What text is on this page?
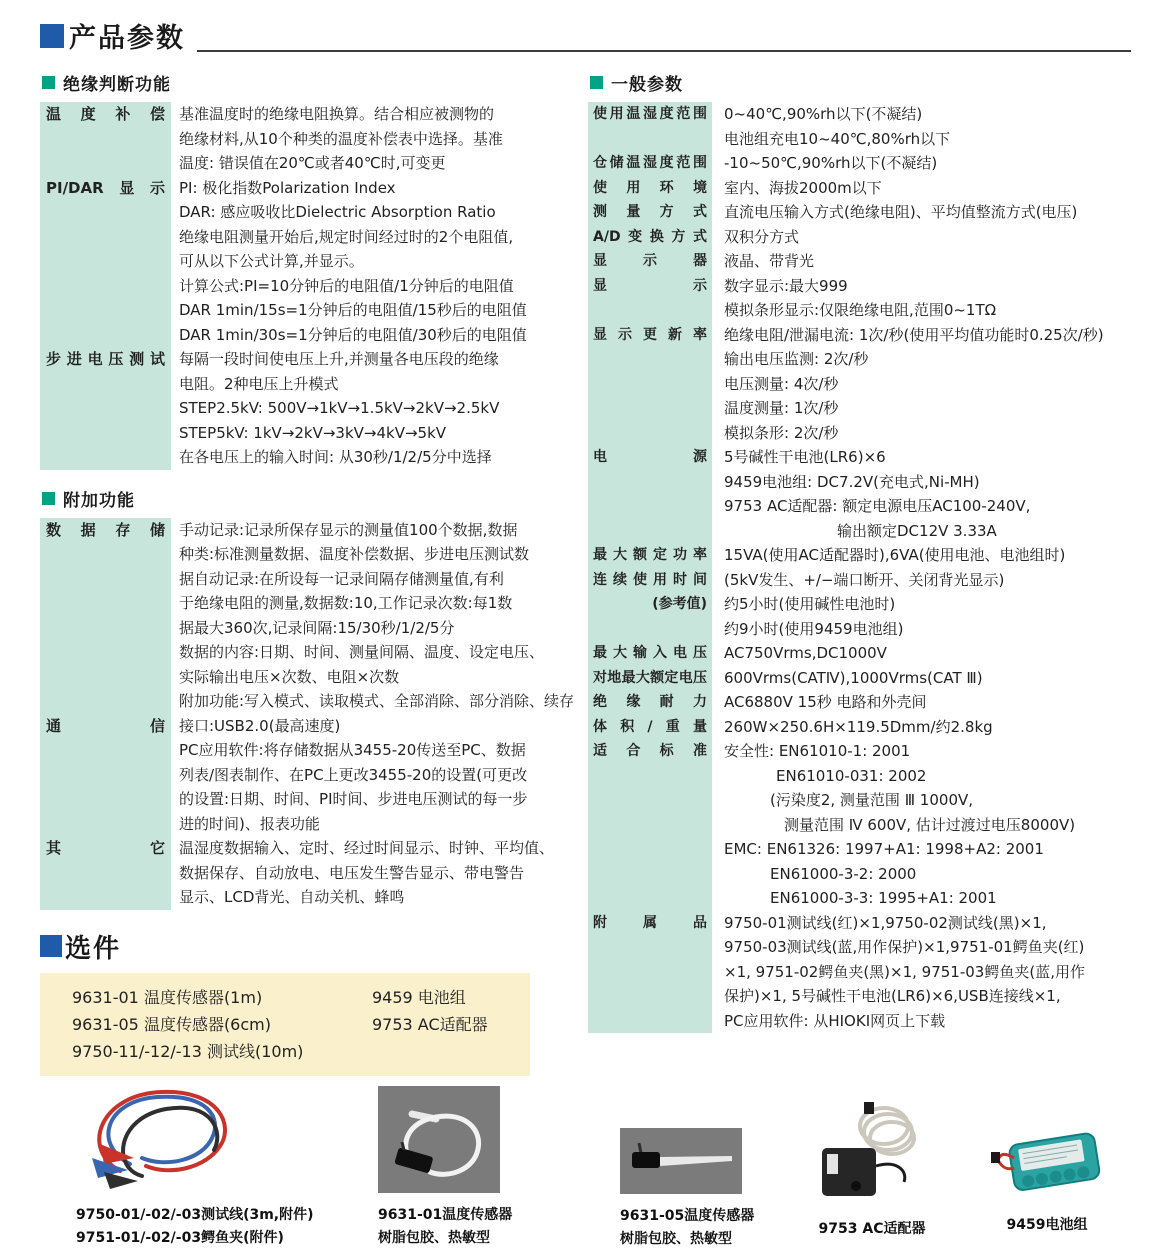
产品参数
绝缘判断功能
温度补偿 基准温度时的绝缘电阻换算。结合相应被测物的
绝缘材料,从10个种类的温度补偿表中选择。基准
温度: 错误值在20℃或者40℃时,可变更
PI/DAR显示 PI: 极化指数Polarization Index
DAR: 感应吸收比Dielectric Absorption Ratio
绝缘电阻测量开始后,规定时间经过时的2个电阻值,
可从以下公式计算,并显示。
计算公式:PI=10分钟后的电阻值/1分钟后的电阻值
DAR 1min/15s=1分钟后的电阻值/15秒后的电阻值
DAR 1min/30s=1分钟后的电阻值/30秒后的电阻值
步进电压测试 每隔一段时间使电压上升,并测量各电压段的绝缘
电阻。2种电压上升模式
STEP2.5kV: 500V→1kV→1.5kV→2kV→2.5kV
STEP5kV: 1kV→2kV→3kV→4kV→5kV
在各电压上的输入时间: 从30秒/1/2/5分中选择
附加功能
数据存储 手动记录:记录所保存显示的测量值100个数据,数据
种类:标准测量数据、温度补偿数据、步进电压测试数
据自动记录:在所设每一记录间隔存储测量值,有利
于绝缘电阻的测量,数据数:10,工作记录次数:每1数
据最大360次,记录间隔:15/30秒/1/2/5分
数据的内容:日期、时间、测量间隔、温度、设定电压、
实际输出电压×次数、电阻×次数
附加功能:写入模式、读取模式、全部消除、部分消除、续存
通信 接口:USB2.0(最高速度)
PC应用软件:将存储数据从3455-20传送至PC、数据
列表/图表制作、在PC上更改3455-20的设置(可更改
的设置:日期、时间、PI时间、步进电压测试的每一步
进的时间)、报表功能
其它 温湿度数据输入、定时、经过时间显示、时钟、平均值、
数据保存、自动放电、电压发生警告显示、带电警告
显示、LCD背光、自动关机、蜂鸣
选件
9631-01 温度传感器(1m)
9631-05 温度传感器(6cm)
9750-11/-12/-13 测试线(10m)
9459 电池组
9753 AC适配器
一般参数
使用温湿度范围	0~40℃,90%rh以下(不凝结)
电池组充电10~40℃,80%rh以下
仓储温湿度范围	-10~50℃,90%rh以下(不凝结)
使用环境	室内、海拔2000m以下
测量方式	直流电压输入方式(绝缘电阻)、平均值整流方式(电压)
A/D变换方式	双积分方式
显示器	液晶、带背光
显示	数字显示:最大999
模拟条形显示:仅限绝缘电阻,范围0~1TΩ
显示更新率	绝缘电阻/泄漏电流: 1次/秒(使用平均值功能时0.25次/秒)
输出电压监测: 2次/秒
电压测量: 4次/秒
温度测量: 1次/秒
模拟条形: 2次/秒
电源	5号碱性干电池(LR6)×6
9459电池组: DC7.2V(充电式,Ni-MH)
9753 AC适配器: 额定电源电压AC100-240V,
输出额定DC12V 3.33A
最大额定功率	15VA(使用AC适配器时),6VA(使用电池、电池组时)
连续使用时间	(5kV发生、+/−端口断开、关闭背光显示)
(参考值)	约5小时(使用碱性电池时)
约9小时(使用9459电池组)
最大输入电压	AC750Vrms,DC1000V
对地最大额定电压	600Vrms(CATⅣ),1000Vrms(CAT Ⅲ)
绝缘耐力	AC6880V 15秒 电路和外壳间
体积/重量	260W×250.6H×119.5Dmm/约2.8kg
适合标准	安全性: EN61010-1: 2001
EN61010-031: 2002
(污染度2, 测量范围 Ⅲ 1000V,
测量范围 Ⅳ 600V, 估计过渡过电压8000V)
EMC: EN61326: 1997+A1: 1998+A2: 2001
EN61000-3-2: 2000
EN61000-3-3: 1995+A1: 2001
附属品	9750-01测试线(红)×1,9750-02测试线(黑)×1,
9750-03测试线(蓝,用作保护)×1,9751-01鳄鱼夹(红)
×1, 9751-02鳄鱼夹(黑)×1, 9751-03鳄鱼夹(蓝,用作
保护)×1, 5号碱性干电池(LR6)×6,USB连接线×1,
PC应用软件: 从HIOKI网页上下载
9750-01/-02/-03测试线(3m,附件)
9751-01/-02/-03鳄鱼夹(附件)
9631-01温度传感器
树脂包胶、热敏型
9631-05温度传感器
树脂包胶、热敏型
9753 AC适配器	9459电池组
